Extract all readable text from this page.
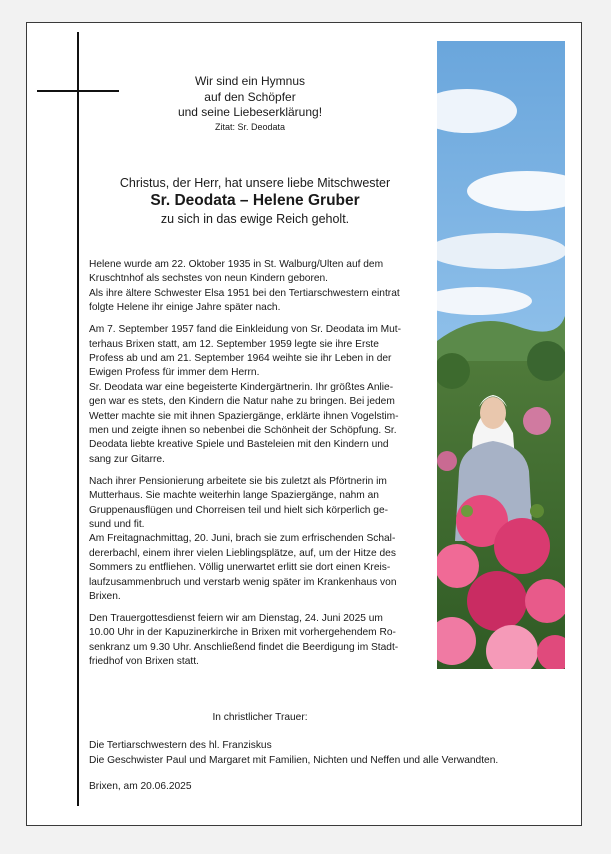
Wir sind ein Hymnus
auf den Schöpfer
und seine Liebeserklärung!
Zitat: Sr. Deodata
Christus, der Herr, hat unsere liebe Mitschwester
Sr. Deodata – Helene Gruber
zu sich in das ewige Reich geholt.

Helene wurde am 22. Oktober 1935 in St. Walburg/Ulten auf dem
Kruschtnhof als sechstes von neun Kindern geboren.
Als ihre ältere Schwester Elsa 1951 bei den Tertiarschwestern eintrat
folgte Helene ihr einige Jahre später nach.

Am 7. September 1957 fand die Einkleidung von Sr. Deodata im Mut-
terhaus Brixen statt, am 12. September 1959 legte sie ihre Erste
Profess ab und am 21. September 1964 weihte sie ihr Leben in der
Ewigen Profess für immer dem Herrn.
Sr. Deodata war eine begeisterte Kindergärtnerin. Ihr größtes Anlie-
gen war es stets, den Kindern die Natur nahe zu bringen. Bei jedem
Wetter machte sie mit ihnen Spaziergänge, erklärte ihnen Vogelstim-
men und zeigte ihnen so nebenbei die Schönheit der Schöpfung. Sr.
Deodata liebte kreative Spiele und Basteleien mit den Kindern und
sang zur Gitarre.

Nach ihrer Pensionierung arbeitete sie bis zuletzt als Pförtnerin im
Mutterhaus. Sie machte weiterhin lange Spaziergänge, nahm an
Gruppenausflügen und Chorreisen teil und hielt sich körperlich ge-
sund und fit.
Am Freitagnachmittag, 20. Juni, brach sie zum erfrischenden Schal-
dererbachl, einem ihrer vielen Lieblingsplätze, auf, um der Hitze des
Sommers zu entfliehen. Völlig unerwartet erlitt sie dort einen Kreis-
laufzusammenbruch und verstarb wenig später im Krankenhaus von
Brixen.

Den Trauergottesdienst feiern wir am Dienstag, 24. Juni 2025 um
10.00 Uhr in der Kapuzinerkirche in Brixen mit vorhergehendem Ro-
senkranz um 9.30 Uhr. Anschließend findet die Beerdigung im Stadt-
friedhof von Brixen statt.

In christlicher Trauer:
Die Tertiarschwestern des hl. Franziskus
Die Geschwister Paul und Margaret mit Familien, Nichten und Neffen und alle Verwandten.
Brixen, am 20.06.2025
